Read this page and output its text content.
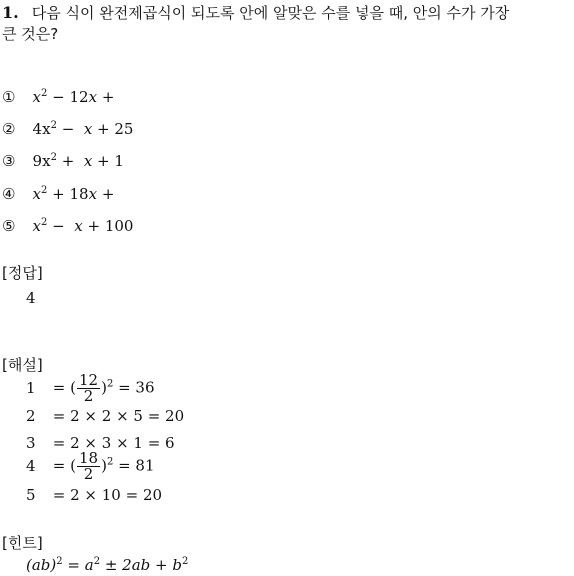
1. 다음 식이 완전제곱식이 되도록 안에 알맞은 수를 넣을 때, 안의 수가 가장
큰 것은?
① $x^2 - 12x$ +
② $4x^2 - x + 25$
③ $9x^2 + x + 1$
④ $x^2 + 18x$ +
⑤ $x^2 - x + 100$
[정답]
4
[해설]
1 = ( $\frac{12}{2} )^2 = 36$
2 = 2 × 2 × 5 = 20
3 = 2 × 3 × 1 = 6
4 = ( $\frac{18}{2} )^2 = 81$
5 = 2 × 10 = 20
[힌트]
$(ab)^2 = a^2 \pm 2ab + b^2$
